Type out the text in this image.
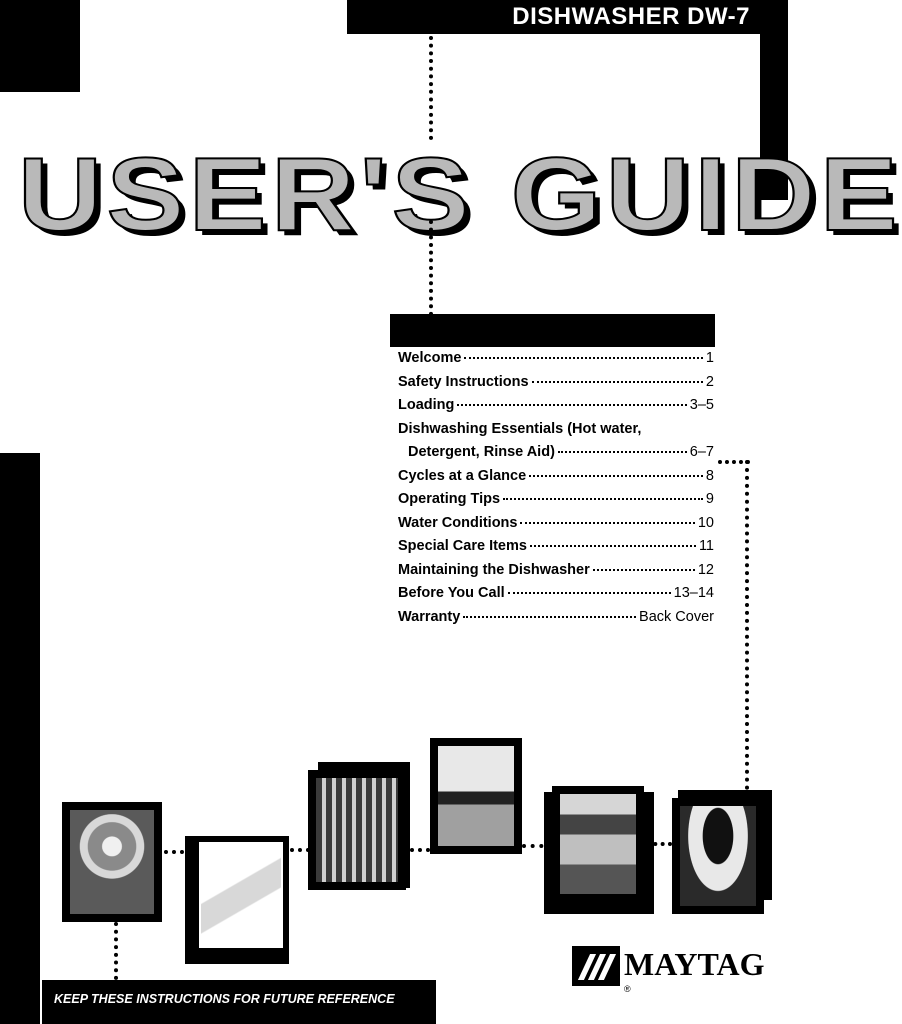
DISHWASHER DW-7
USER'S GUIDE
Welcome	1
Safety Instructions	2
Loading	3–5
Dishwashing Essentials (Hot water,
Detergent, Rinse Aid)	6–7
Cycles at a Glance	8
Operating Tips	9
Water Conditions	10
Special Care Items	11
Maintaining the Dishwasher	12
Before You Call	13–14
Warranty	Back Cover
KEEP THESE INSTRUCTIONS FOR FUTURE REFERENCE
MAYTAG
®
